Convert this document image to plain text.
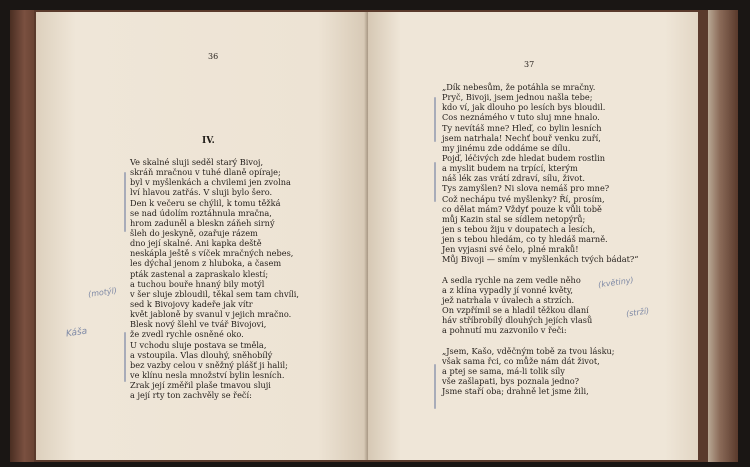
36
IV.
Ve skalné sluji seděl starý Bivoj,
skráň mračnou v tuhé dlaně opíraje;
byl v myšlenkách a chvilemi jen zvolna
lví hlavou zatřás. V sluji bylo šero.
Den k večeru se chýlil, k tomu těžká
se nad údolím roztáhnula mračna,
hrom zaduněl a bleskn záňeh sirný
šleh do jeskyně, ozařuje rázem
dno její skalné. Ani kapka deště
neskápla ještě s víček mračných nebes,
les dýchal jenom z hluboka, a časem
pták zastenal a zapraskalo klestí;
a tuchou bouře hnaný bily motýl
v šer sluje zbloudil, těkal sem tam chvíli,
sed k Bivojovy kadeře jak vítr
květ jabloně by svanul v jejich mračno.
Blesk nový šlehl ve tvář Bivojovi,
že zvedl rychle osněné oko.
U vchodu sluje postava se tměla,
a vstoupila. Vlas dlouhý, sněhobílý
bez vazby celou v sněžný plášť ji halil;
ve klínu nesla množství bylin lesních.
Zrak její změřil plaše tmavou sluji
a její rty ton zachvěly se řečí:
(motýl)
Káša
37
„Dík nebesům, že potáhla se mračny.
Pryč, Bivoji, jsem jednou našla tebe;
kdo ví, jak dlouho po lesích bys bloudil.
Cos neznámého v tuto sluj mne hnalo.
Ty nevítáš mne? Hleď, co bylin lesních
jsem natrhala! Nechť bouř venku zuří,
my jinému zde oddáme se dílu.
Pojď, léčivých zde hledat budem rostlin
a myslit budem na trpící, kterým
náš lék zas vrátí zdraví, sílu, život.
Tys zamyšlen? Ni slova nemáš pro mne?
Což nechápu tvé myšlenky? Ří, prosím,
co dělat mám? Vždyť pouze k vůli tobě
můj Kazin stal se sídlem netopýrů;
jen s tebou žiju v doupatech a lesích,
jen s tebou hledám, co ty hledáš marně.
Jen vyjasni své čelo, plné mraků!
Můj Bivoji — smím v myšlenkách tvých bádat?“
A sedla rychle na zem vedle něho
a z klína vypadly jí vonné květy,
jež natrhala v úvalech a strzích.
On vzpřímil se a hladil těžkou dlaní
háv stříbrobílý dlouhých jejích vlasů
a pohnutí mu zazvonilo v řeči:
„Jsem, Kašo, vděčným tobě za tvou lásku;
však sama řci, co může nám dát život,
a ptej se sama, má-li tolik síly
vše zašlapati, bys poznala jedno?
Jsme staří oba; drahně let jsme žili,
(květiny)
(strží)
